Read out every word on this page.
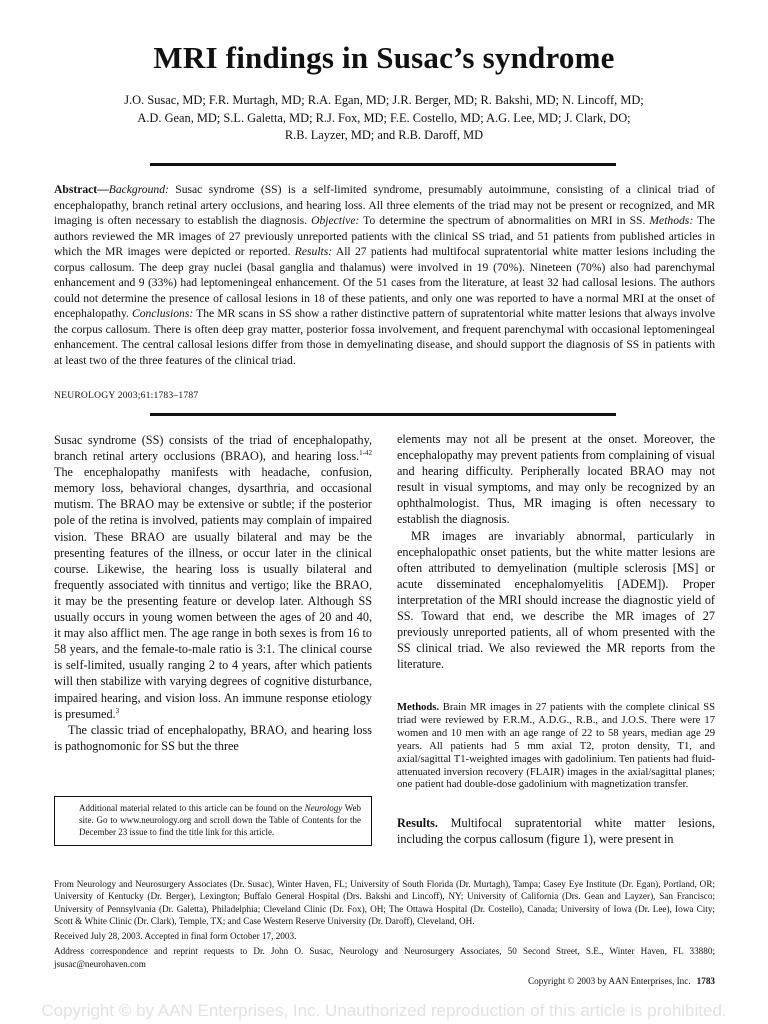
MRI findings in Susac’s syndrome
J.O. Susac, MD; F.R. Murtagh, MD; R.A. Egan, MD; J.R. Berger, MD; R. Bakshi, MD; N. Lincoff, MD;
A.D. Gean, MD; S.L. Galetta, MD; R.J. Fox, MD; F.E. Costello, MD; A.G. Lee, MD; J. Clark, DO;
R.B. Layzer, MD; and R.B. Daroff, MD
Abstract—Background: Susac syndrome (SS) is a self-limited syndrome, presumably autoimmune, consisting of a clinical triad of encephalopathy, branch retinal artery occlusions, and hearing loss. All three elements of the triad may not be present or recognized, and MR imaging is often necessary to establish the diagnosis. Objective: To determine the spectrum of abnormalities on MRI in SS. Methods: The authors reviewed the MR images of 27 previously unreported patients with the clinical SS triad, and 51 patients from published articles in which the MR images were depicted or reported. Results: All 27 patients had multifocal supratentorial white matter lesions including the corpus callosum. The deep gray nuclei (basal ganglia and thalamus) were involved in 19 (70%). Nineteen (70%) also had parenchymal enhancement and 9 (33%) had leptomeningeal enhancement. Of the 51 cases from the literature, at least 32 had callosal lesions. The authors could not determine the presence of callosal lesions in 18 of these patients, and only one was reported to have a normal MRI at the onset of encephalopathy. Conclusions: The MR scans in SS show a rather distinctive pattern of supratentorial white matter lesions that always involve the corpus callosum. There is often deep gray matter, posterior fossa involvement, and frequent parenchymal with occasional leptomeningeal enhancement. The central callosal lesions differ from those in demyelinating disease, and should support the diagnosis of SS in patients with at least two of the three features of the clinical triad.
NEUROLOGY 2003;61:1783–1787

Susac syndrome (SS) consists of the triad of encephalopathy, branch retinal artery occlusions (BRAO), and hearing loss.$^{1-42}$ The encephalopathy manifests with headache, confusion, memory loss, behavioral changes, dysarthria, and occasional mutism. The BRAO may be extensive or subtle; if the posterior pole of the retina is involved, patients may complain of impaired vision. These BRAO are usually bilateral and may be the presenting features of the illness, or occur later in the clinical course. Likewise, the hearing loss is usually bilateral and frequently associated with tinnitus and vertigo; like the BRAO, it may be the presenting feature or develop later. Although SS usually occurs in young women between the ages of 20 and 40, it may also afflict men. The age range in both sexes is from 16 to 58 years, and the female-to-male ratio is 3:1. The clinical course is self-limited, usually ranging 2 to 4 years, after which patients will then stabilize with varying degrees of cognitive disturbance, impaired hearing, and vision loss. An immune response etiology is presumed.$^3$

The classic triad of encephalopathy, BRAO, and hearing loss is pathognomonic for SS but the three

Additional material related to this article can be found on the Neurology Web site. Go to www.neurology.org and scroll down the Table of Contents for the December 23 issue to find the title link for this article.

elements may not all be present at the onset. Moreover, the encephalopathy may prevent patients from complaining of visual and hearing difficulty. Peripherally located BRAO may not result in visual symptoms, and may only be recognized by an ophthalmologist. Thus, MR imaging is often necessary to establish the diagnosis.

MR images are invariably abnormal, particularly in encephalopathic onset patients, but the white matter lesions are often attributed to demyelination (multiple sclerosis [MS] or acute disseminated encephalomyelitis [ADEM]). Proper interpretation of the MRI should increase the diagnostic yield of SS. Toward that end, we describe the MR images of 27 previously unreported patients, all of whom presented with the SS clinical triad. We also reviewed the MR reports from the literature.

Methods. Brain MR images in 27 patients with the complete clinical SS triad were reviewed by F.R.M., A.D.G., R.B., and J.O.S. There were 17 women and 10 men with an age range of 22 to 58 years, median age 29 years. All patients had 5 mm axial T2, proton density, T1, and axial/sagittal T1-weighted images with gadolinium. Ten patients had fluid-attenuated inversion recovery (FLAIR) images in the axial/sagittal planes; one patient had double-dose gadolinium with magnetization transfer.
Results. Multifocal supratentorial white matter lesions, including the corpus callosum (figure 1), were present in

From Neurology and Neurosurgery Associates (Dr. Susac), Winter Haven, FL; University of South Florida (Dr. Murtagh), Tampa; Casey Eye Institute (Dr. Egan), Portland, OR; University of Kentucky (Dr. Berger), Lexington; Buffalo General Hospital (Drs. Bakshi and Lincoff), NY; University of California (Drs. Gean and Layzer), San Francisco; University of Pennsylvania (Dr. Galetta), Philadelphia; Cleveland Clinic (Dr. Fox), OH; The Ottawa Hospital (Dr. Costello), Canada; University of Iowa (Dr. Lee), Iowa City; Scott & White Clinic (Dr. Clark), Temple, TX; and Case Western Reserve University (Dr. Daroff), Cleveland, OH.

Received July 28, 2003. Accepted in final form October 17, 2003.

Address correspondence and reprint requests to Dr. John O. Susac, Neurology and Neurosurgery Associates, 50 Second Street, S.E., Winter Haven, FL 33880; jsusac@neurohaven.com

Copyright © 2003 by AAN Enterprises, Inc. 1783
Copyright © by AAN Enterprises, Inc. Unauthorized reproduction of this article is prohibited.
